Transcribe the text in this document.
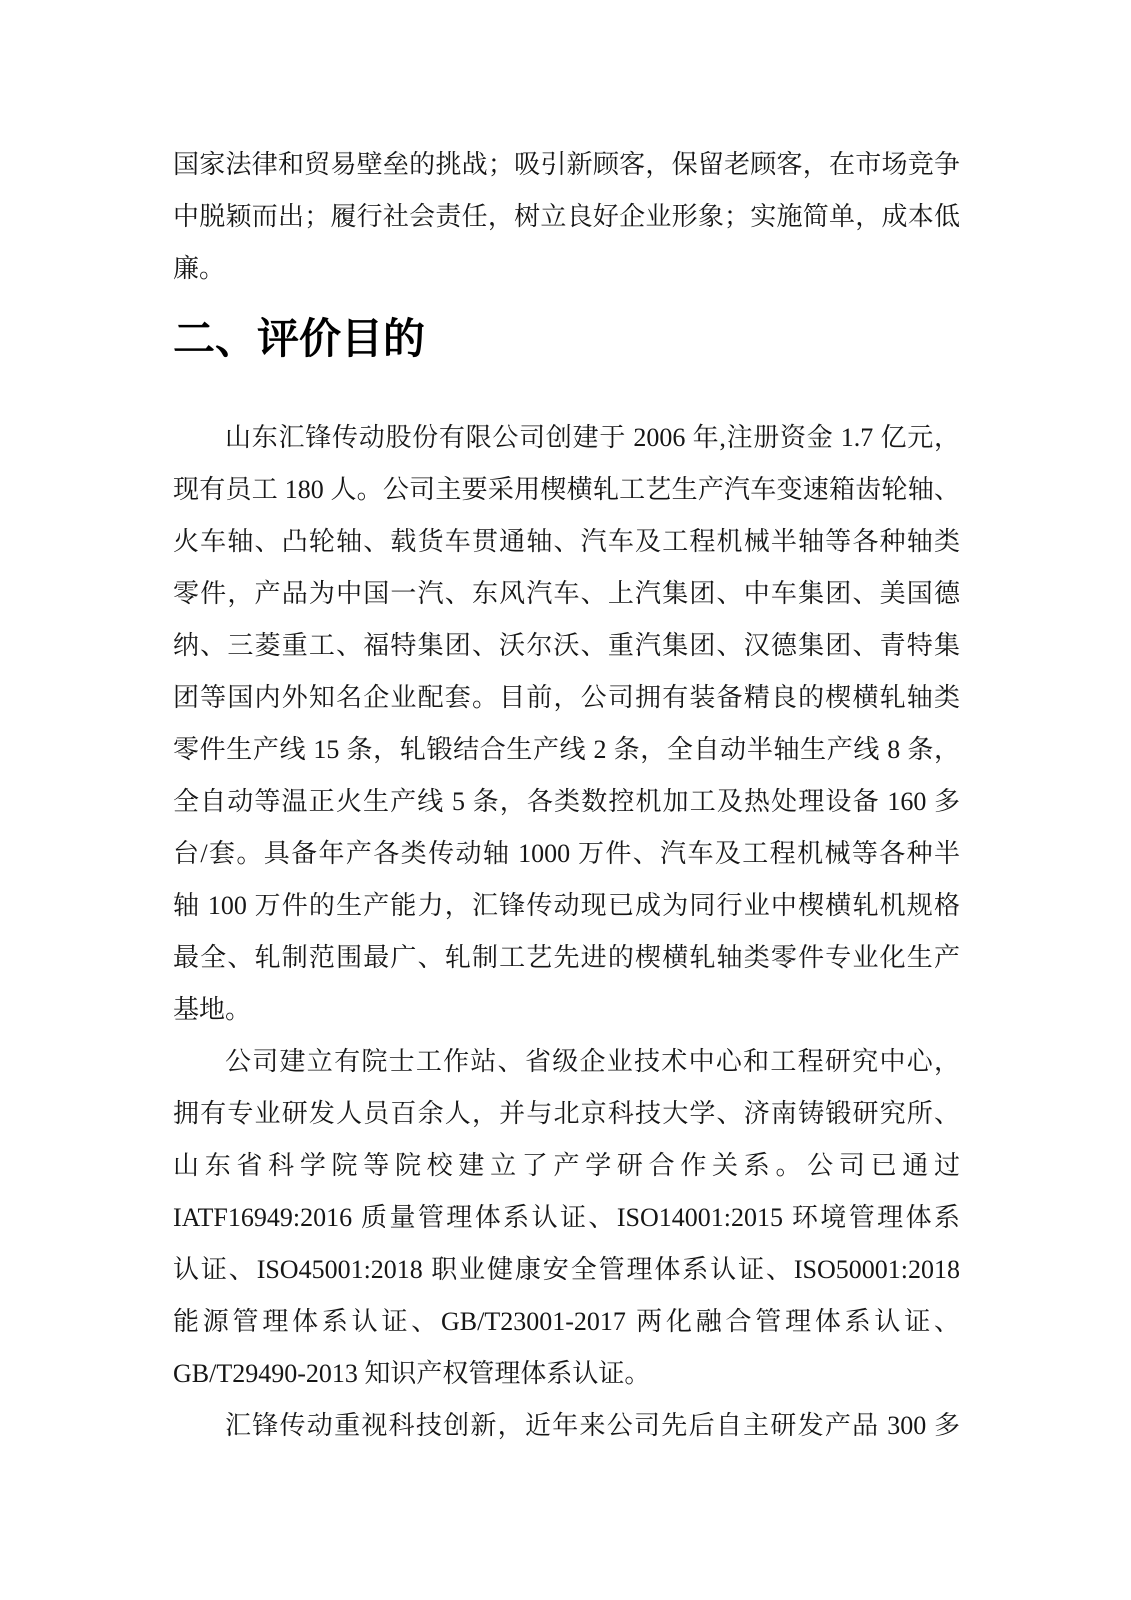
国家法律和贸易壁垒的挑战；吸引新顾客，保留老顾客，在市场竞争
中脱颖而出；履行社会责任，树立良好企业形象；实施简单，成本低
廉。
二、评价目的
山东汇锋传动股份有限公司创建于 2006 年,注册资金 1.7 亿元，
现有员工 180 人。公司主要采用楔横轧工艺生产汽车变速箱齿轮轴、
火车轴、凸轮轴、载货车贯通轴、汽车及工程机械半轴等各种轴类
零件，产品为中国一汽、东风汽车、上汽集团、中车集团、美国德
纳、三菱重工、福特集团、沃尔沃、重汽集团、汉德集团、青特集
团等国内外知名企业配套。目前，公司拥有装备精良的楔横轧轴类
零件生产线 15 条，轧锻结合生产线 2 条，全自动半轴生产线 8 条，
全自动等温正火生产线 5 条，各类数控机加工及热处理设备 160 多
台/套。具备年产各类传动轴 1000 万件、汽车及工程机械等各种半
轴 100 万件的生产能力，汇锋传动现已成为同行业中楔横轧机规格
最全、轧制范围最广、轧制工艺先进的楔横轧轴类零件专业化生产
基地。
公司建立有院士工作站、省级企业技术中心和工程研究中心，
拥有专业研发人员百余人，并与北京科技大学、济南铸锻研究所、
山东省科学院等院校建立了产学研合作关系。公司已通过
IATF16949:2016 质量管理体系认证、ISO14001:2015 环境管理体系
认证、ISO45001:2018 职业健康安全管理体系认证、ISO50001:2018
能源管理体系认证、GB/T23001-2017 两化融合管理体系认证、
GB/T29490-2013 知识产权管理体系认证。
汇锋传动重视科技创新，近年来公司先后自主研发产品 300 多
